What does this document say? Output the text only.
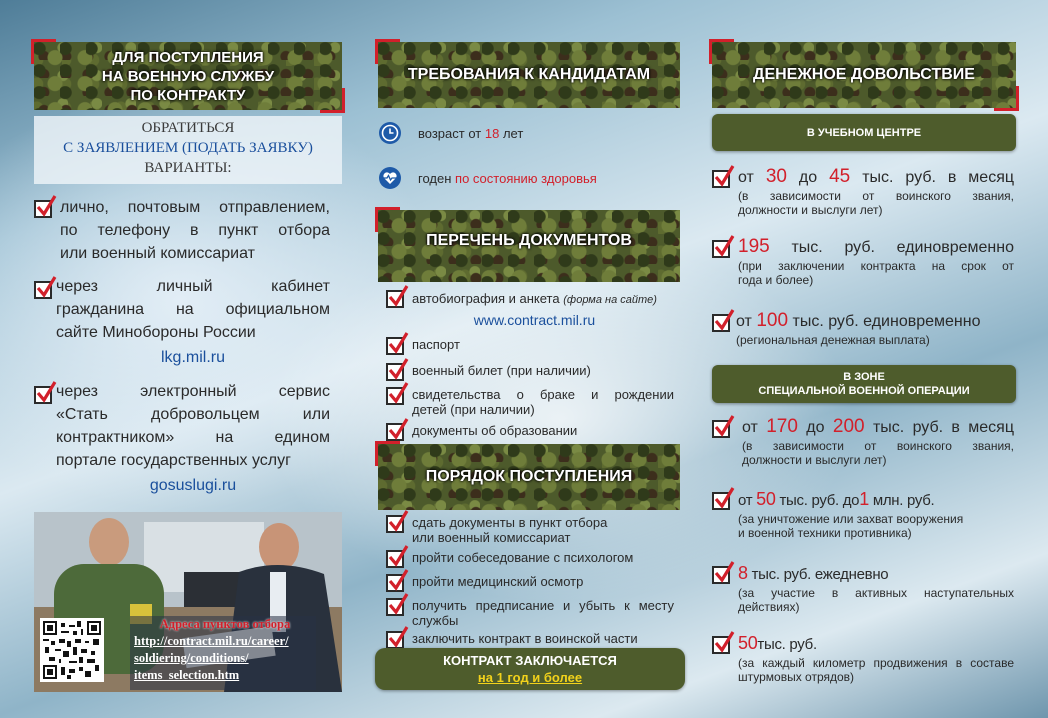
ДЛЯ ПОСТУПЛЕНИЯ
НА ВОЕННУЮ СЛУЖБУ
ПО КОНТРАКТУ
ОБРАТИТЬСЯ
С ЗАЯВЛЕНИЕМ (ПОДАТЬ ЗАЯВКУ)
ВАРИАНТЫ:
лично, почтовым отправлением,
по телефону в пункт отбора
или военный комиссариат
через личный кабинет
гражданина на официальном
сайте Минобороны России
lkg.mil.ru
через электронный сервис
«Стать добровольцем или
контрактником» на едином
портале государственных услуг
gosuslugi.ru
Адреса пунктов отбора
http://contract.mil.ru/career/
soldiering/conditions/
items_selection.htm
ТРЕБОВАНИЯ К КАНДИДАТАМ
возраст от 18 лет
годен по состоянию здоровья
ПЕРЕЧЕНЬ ДОКУМЕНТОВ
автобиография и анкета (форма на сайте)
www.contract.mil.ru
паспорт
военный билет (при наличии)
свидетельства о браке и рождении
детей (при наличии)
документы об образовании
ПОРЯДОК ПОСТУПЛЕНИЯ
сдать документы в пункт отбора
или военный комиссариат
пройти собеседование с психологом
пройти медицинский осмотр
получить предписание и убыть к месту
службы
заключить контракт в воинской части
КОНТРАКТ ЗАКЛЮЧАЕТСЯ
на 1 год и более
ДЕНЕЖНОЕ ДОВОЛЬСТВИЕ
В УЧЕБНОМ ЦЕНТРЕ
от 30 до 45 тыс. руб. в месяц
(в зависимости от воинского звания,
должности и выслуги лет)
195 тыс. руб. единовременно
(при заключении контракта на срок от
года и более)
от 100 тыс. руб. единовременно
(региональная денежная выплата)
В ЗОНЕ
СПЕЦИАЛЬНОЙ ВОЕННОЙ ОПЕРАЦИИ
от 170 до 200 тыс. руб. в месяц
(в зависимости от воинского звания,
должности и выслуги лет)
от 50 тыс. руб. до1 млн. руб.
(за уничтожение или захват вооружения
и военной техники противника)
8 тыс. руб. ежедневно
(за участие в активных наступательных
действиях)
50тыс. руб.
(за каждый километр продвижения в составе
штурмовых отрядов)
